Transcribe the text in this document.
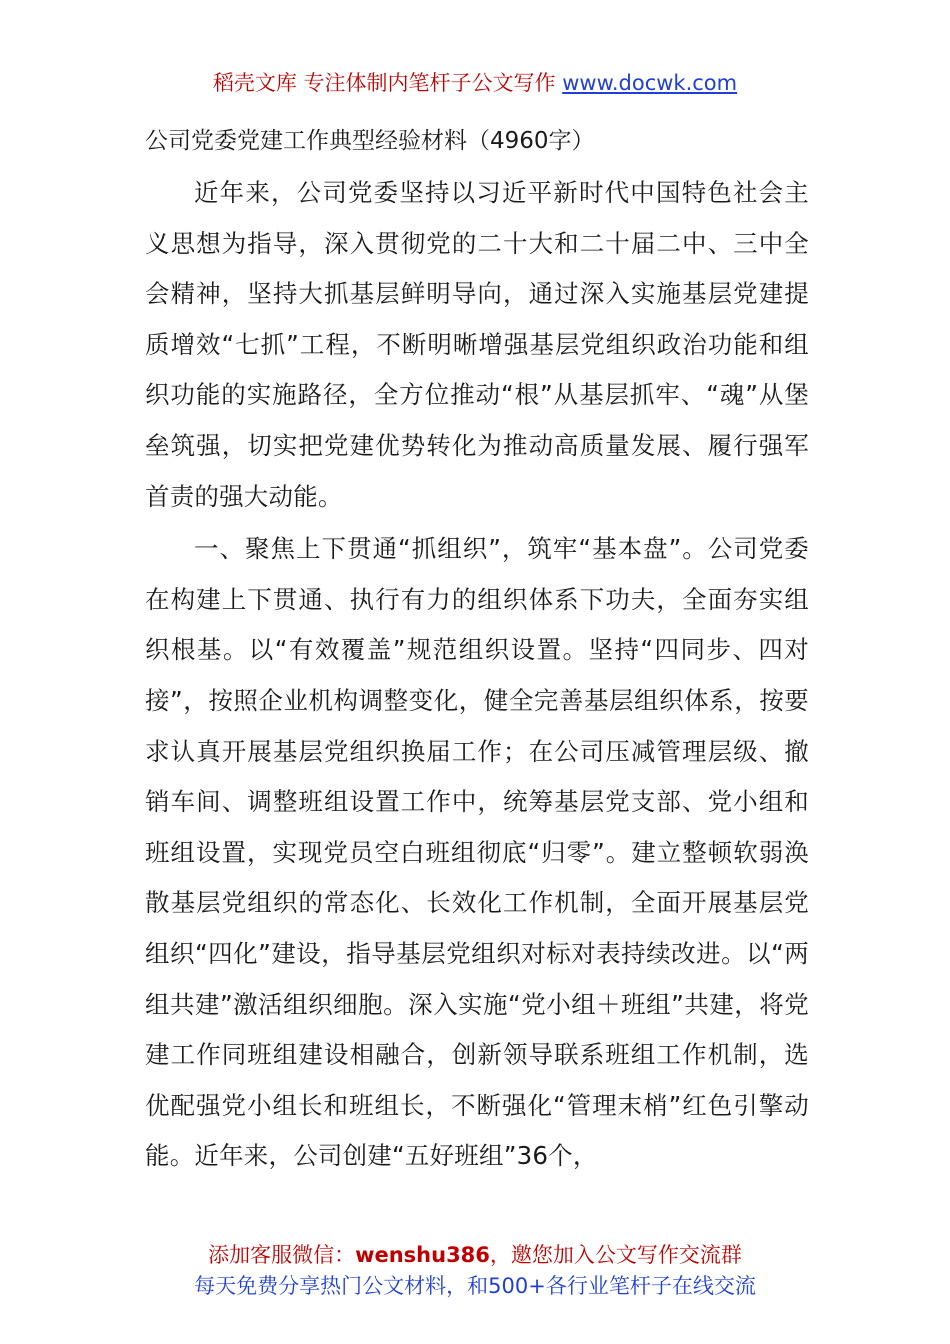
稻壳文库 专注体制内笔杆子公文写作 www.docwk.com
公司党委党建工作典型经验材料（4960字）

近年来，公司党委坚持以习近平新时代中国特色社会主义思想为指导，深入贯彻党的二十大和二十届二中、三中全会精神，坚持大抓基层鲜明导向，通过深入实施基层党建提质增效“七抓”工程，不断明晰增强基层党组织政治功能和组织功能的实施路径，全方位推动“根”从基层抓牢、“魂”从堡垒筑强，切实把党建优势转化为推动高质量发展、履行强军首责的强大动能。

一、聚焦上下贯通“抓组织”，筑牢“基本盘”。公司党委在构建上下贯通、执行有力的组织体系下功夫，全面夯实组织根基。以“有效覆盖”规范组织设置。坚持“四同步、四对接”，按照企业机构调整变化，健全完善基层组织体系，按要求认真开展基层党组织换届工作；在公司压减管理层级、撤销车间、调整班组设置工作中，统筹基层党支部、党小组和班组设置，实现党员空白班组彻底“归零”。建立整顿软弱涣散基层党组织的常态化、长效化工作机制，全面开展基层党组织“四化”建设，指导基层党组织对标对表持续改进。以“两组共建”激活组织细胞。深入实施“党小组＋班组”共建，将党建工作同班组建设相融合，创新领导联系班组工作机制，选优配强党小组长和班组长，不断强化“管理末梢”红色引擎动能。近年来，公司创建“五好班组”36个，

添加客服微信：wenshu386，邀您加入公文写作交流群
每天免费分享热门公文材料，和500+各行业笔杆子在线交流
